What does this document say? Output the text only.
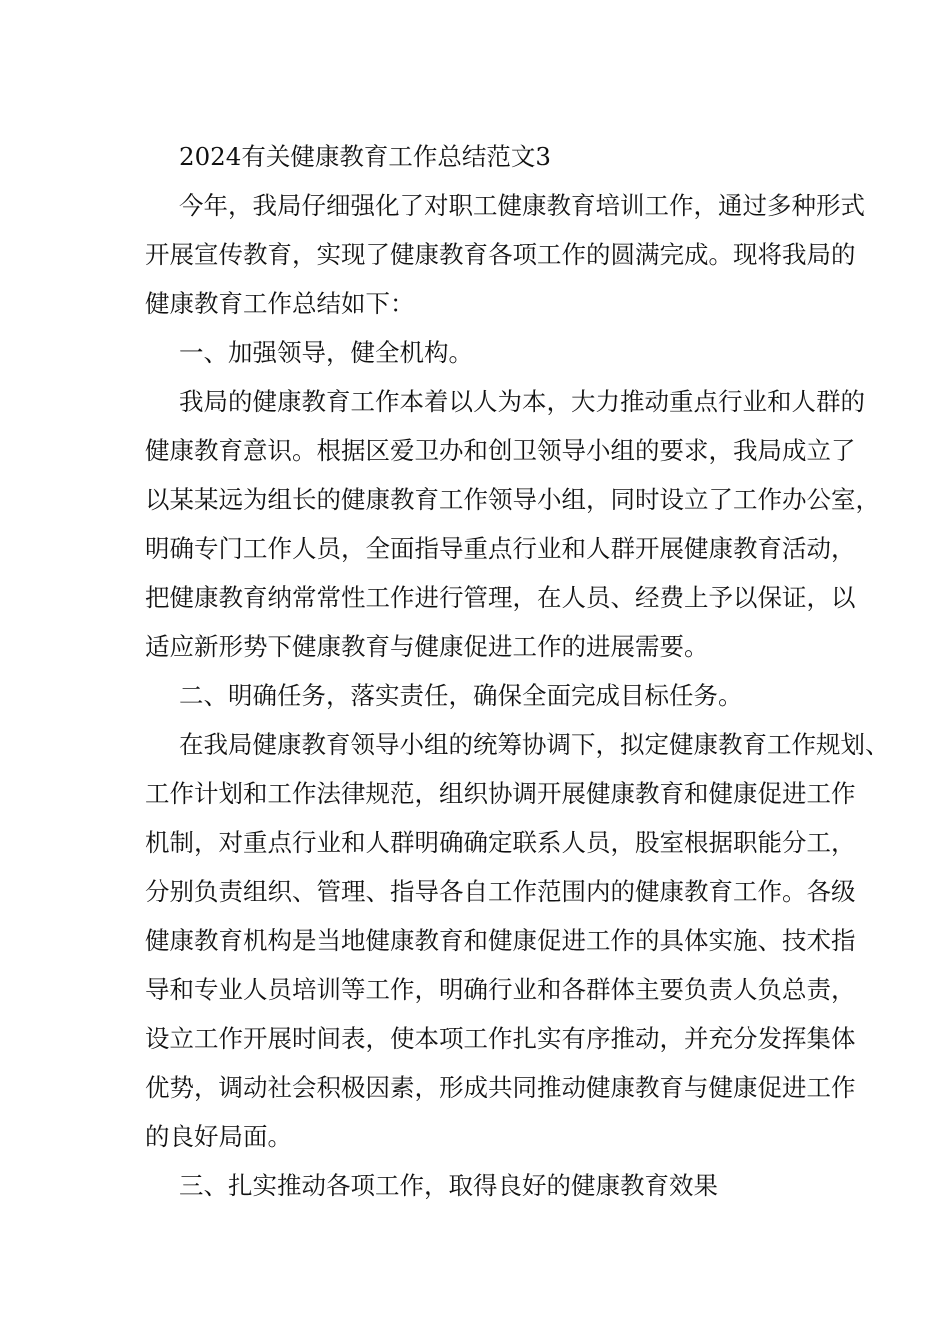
2024有关健康教育工作总结范文3
今年，我局仔细强化了对职工健康教育培训工作，通过多种形式
开展宣传教育，实现了健康教育各项工作的圆满完成。现将我局的
健康教育工作总结如下：
一、加强领导，健全机构。
我局的健康教育工作本着以人为本，大力推动重点行业和人群的
健康教育意识。根据区爱卫办和创卫领导小组的要求，我局成立了
以某某远为组长的健康教育工作领导小组，同时设立了工作办公室，
明确专门工作人员，全面指导重点行业和人群开展健康教育活动，
把健康教育纳常常性工作进行管理，在人员、经费上予以保证，以
适应新形势下健康教育与健康促进工作的进展需要。
二、明确任务，落实责任，确保全面完成目标任务。
在我局健康教育领导小组的统筹协调下，拟定健康教育工作规划、
工作计划和工作法律规范，组织协调开展健康教育和健康促进工作
机制，对重点行业和人群明确确定联系人员，股室根据职能分工，
分别负责组织、管理、指导各自工作范围内的健康教育工作。各级
健康教育机构是当地健康教育和健康促进工作的具体实施、技术指
导和专业人员培训等工作，明确行业和各群体主要负责人负总责，
设立工作开展时间表，使本项工作扎实有序推动，并充分发挥集体
优势，调动社会积极因素，形成共同推动健康教育与健康促进工作
的良好局面。
三、扎实推动各项工作，取得良好的健康教育效果
